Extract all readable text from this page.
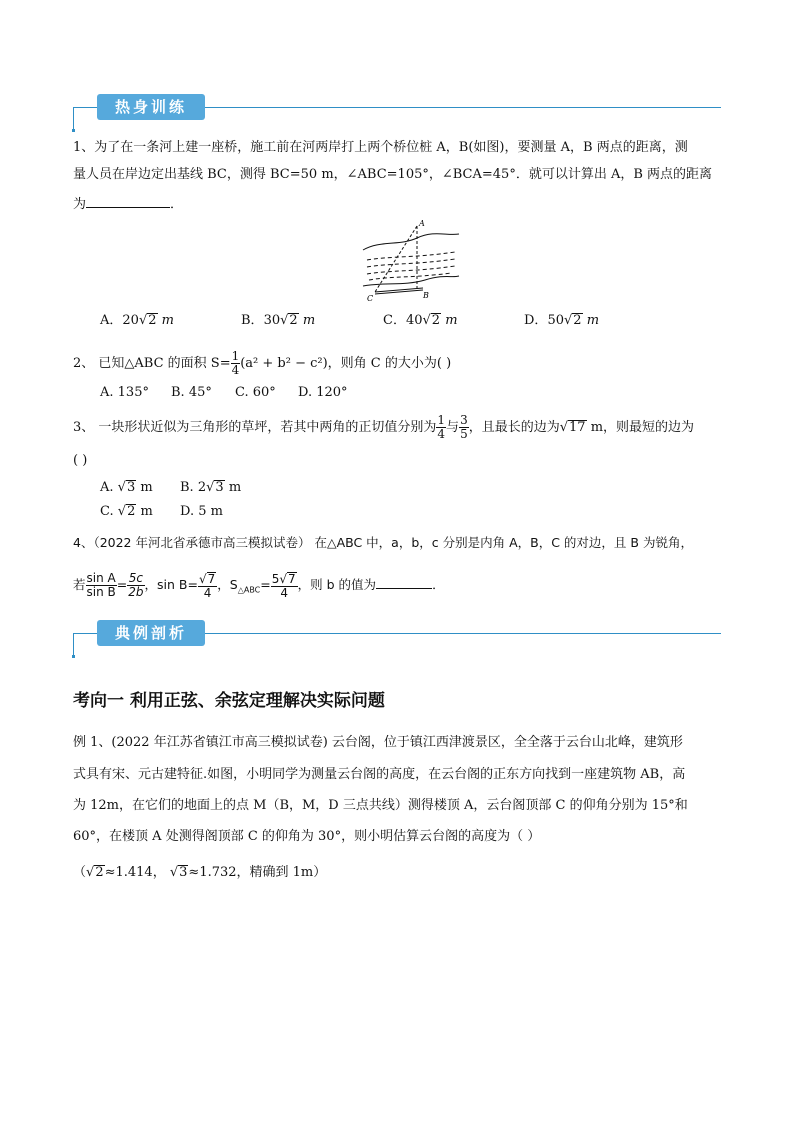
热身训练
1、为了在一条河上建一座桥，施工前在河两岸打上两个桥位桩 A，B(如图)，要测量 A，B 两点的距离，测
量人员在岸边定出基线 BC，测得 BC=50 m，∠ABC=105°，∠BCA=45°．就可以计算出 A，B 两点的距离
为	．
A
B
C
A．20√2 m	B．30√2 m	C．40√2 m	D．50√2 m
2、 已知△ABC 的面积 $S= \frac{1}{4} (a^2 + b^2 - c^2)$，则角 C 的大小为( )
A. 135° B. 45° C. 60° D. 120°
3、 一块形状近似为三角形的草坪，若其中两角的正切值分别为 $\frac{1}{4}$ 与 $\frac{3}{5}$ ，且最长的边为√17 m，则最短的边为
( )
A. √3 m B. 2√3 m
C. √2 m D. 5 m
4、（2022 年河北省承德市高三模拟试卷） 在△ABC 中，a，b，c 分别是内角 A，B，C 的对边，且 B 为锐角，
若 $\frac{\text{sin A}}{\text{sin B}} = \frac{5c}{2b}$ ，$\sin B= \frac{√7}{4}$ ，$S_{\triangle ABC}= \frac{5√7}{4}$ ，则 b 的值为	．
典例剖析
考向一 利用正弦、余弦定理解决实际问题
例 1、(2022 年江苏省镇江市高三模拟试卷) 云台阁，位于镇江西津渡景区，全全落于云台山北峰，建筑形
式具有宋、元古建特征.如图，小明同学为测量云台阁的高度，在云台阁的正东方向找到一座建筑物 AB，高
为 12m，在它们的地面上的点 M（B，M，D 三点共线）测得楼顶 A，云台阁顶部 C 的仰角分别为 15°和
60°，在楼顶 A 处测得阁顶部 C 的仰角为 30°，则小明估算云台阁的高度为（ ）
（√2≈1.414， √3≈1.732，精确到 1m）
